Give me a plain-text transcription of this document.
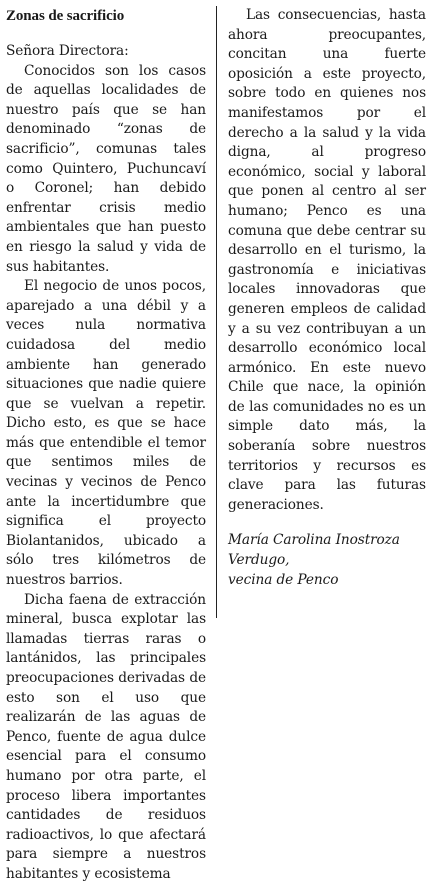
Zonas de sacrificio

Señora Directora:

Conocidos son los casos de aquellas localidades de nuestro país que se han denominado “zonas de sacrificio”, comunas tales como Quintero, Puchuncaví o Coronel; han debido enfrentar crisis medio ambientales que han puesto en riesgo la salud y vida de sus habitantes.

El negocio de unos pocos, aparejado a una débil y a veces nula normativa cuidadosa del medio ambiente han generado situaciones que nadie quiere que se vuelvan a repetir. Dicho esto, es que se hace más que entendible el temor que sentimos miles de vecinas y vecinos de Penco ante la incertidumbre que significa el proyecto Biolantanidos, ubicado a sólo tres kilómetros de nuestros barrios.

Dicha faena de extracción mineral, busca explotar las llamadas tierras raras o lantánidos, las principales preocupaciones derivadas de esto son el uso que realizarán de las aguas de Penco, fuente de agua dulce esencial para el consumo humano por otra parte, el proceso libera importantes cantidades de residuos radioactivos, lo que afectará para siempre a nuestros habitantes y ecosistema

Las consecuencias, hasta ahora preocupantes, concitan una fuerte oposición a este proyecto, sobre todo en quienes nos manifestamos por el derecho a la salud y la vida digna, al progreso económico, social y laboral que ponen al centro al ser humano; Penco es una comuna que debe centrar su desarrollo en el turismo, la gastronomía e iniciativas locales innovadoras que generen empleos de calidad y a su vez contribuyan a un desarrollo económico local armónico. En este nuevo Chile que nace, la opinión de las comunidades no es un simple dato más, la soberanía sobre nuestros territorios y recursos es clave para las futuras generaciones.

María Carolina Inostroza Verdugo,
vecina de Penco
